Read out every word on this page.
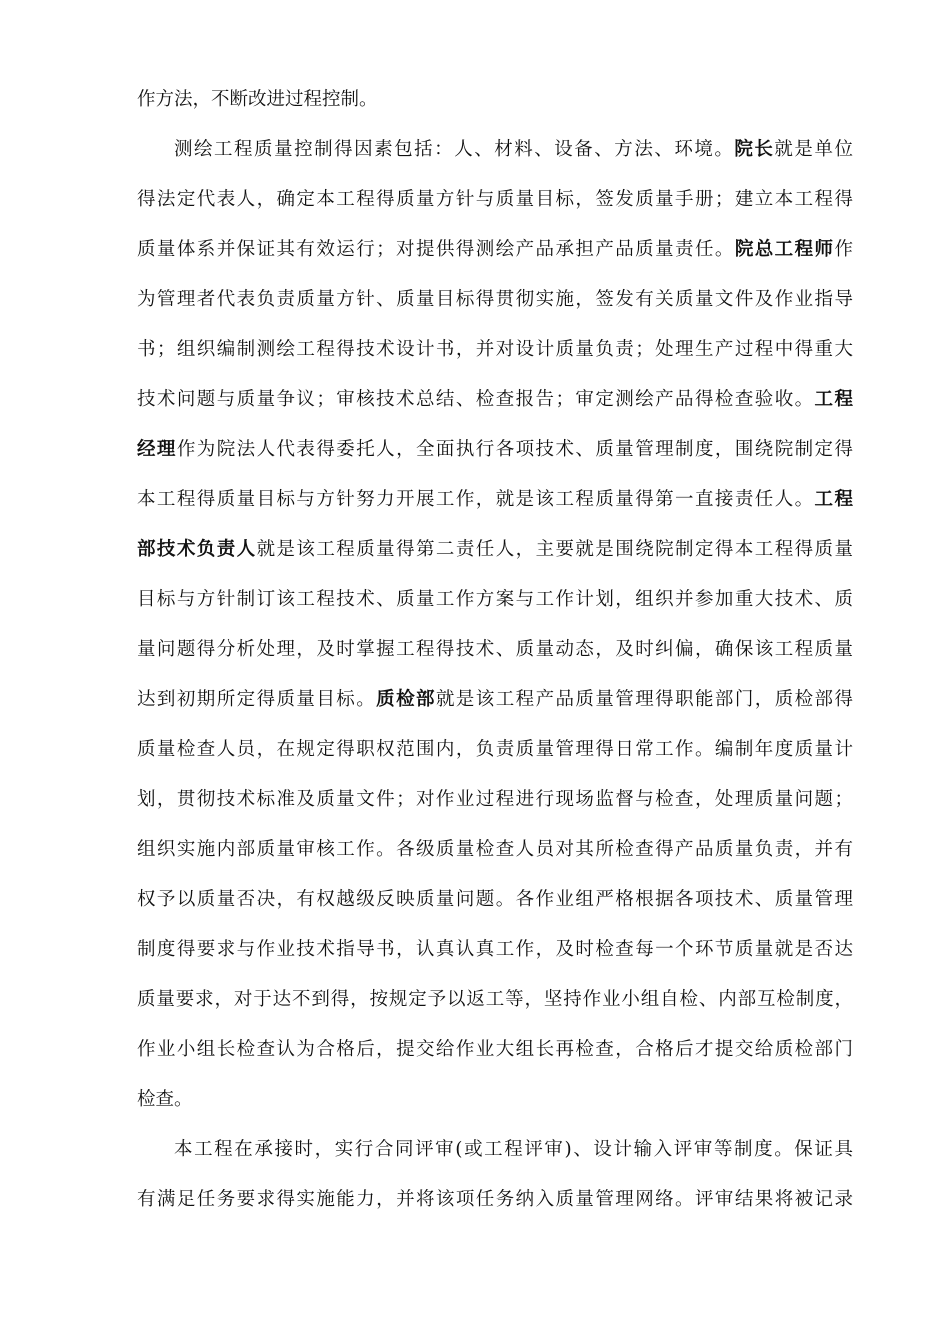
作方法，不断改进过程控制。
测绘工程质量控制得因素包括：人、材料、设备、方法、环境。院长就是单位
得法定代表人，确定本工程得质量方针与质量目标，签发质量手册；建立本工程得
质量体系并保证其有效运行；对提供得测绘产品承担产品质量责任。院总工程师作
为管理者代表负责质量方针、质量目标得贯彻实施，签发有关质量文件及作业指导
书；组织编制测绘工程得技术设计书，并对设计质量负责；处理生产过程中得重大
技术问题与质量争议；审核技术总结、检查报告；审定测绘产品得检查验收。工程
经理作为院法人代表得委托人，全面执行各项技术、质量管理制度，围绕院制定得
本工程得质量目标与方针努力开展工作，就是该工程质量得第一直接责任人。工程
部技术负责人就是该工程质量得第二责任人，主要就是围绕院制定得本工程得质量
目标与方针制订该工程技术、质量工作方案与工作计划，组织并参加重大技术、质
量问题得分析处理，及时掌握工程得技术、质量动态，及时纠偏，确保该工程质量
达到初期所定得质量目标。质检部就是该工程产品质量管理得职能部门，质检部得
质量检查人员，在规定得职权范围内，负责质量管理得日常工作。编制年度质量计
划，贯彻技术标准及质量文件；对作业过程进行现场监督与检查，处理质量问题；
组织实施内部质量审核工作。各级质量检查人员对其所检查得产品质量负责，并有
权予以质量否决，有权越级反映质量问题。各作业组严格根据各项技术、质量管理
制度得要求与作业技术指导书，认真认真工作，及时检查每一个环节质量就是否达
质量要求，对于达不到得，按规定予以返工等，坚持作业小组自检、内部互检制度，
作业小组长检查认为合格后，提交给作业大组长再检查，合格后才提交给质检部门
检查。
本工程在承接时，实行合同评审(或工程评审)、设计输入评审等制度。保证具
有满足任务要求得实施能力，并将该项任务纳入质量管理网络。评审结果将被记录
